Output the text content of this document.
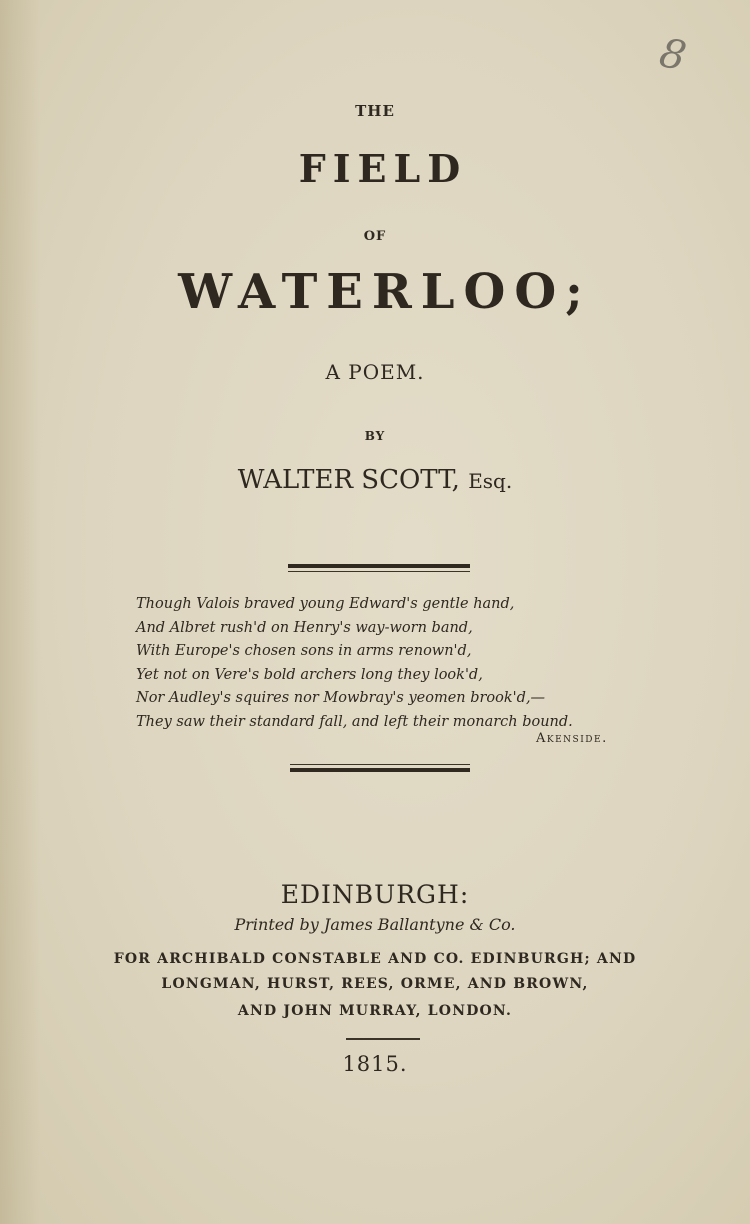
8
THE
FIELD
OF
WATERLOO;
A POEM.
BY
WALTER SCOTT, Esq.
Though Valois braved young Edward's gentle hand,
And Albret rush'd on Henry's way-worn band,
With Europe's chosen sons in arms renown'd,
Yet not on Vere's bold archers long they look'd,
Nor Audley's squires nor Mowbray's yeomen brook'd,—
They saw their standard fall, and left their monarch bound.
Akenside.
EDINBURGH:
Printed by James Ballantyne & Co.
FOR ARCHIBALD CONSTABLE AND CO. EDINBURGH; AND
LONGMAN, HURST, REES, ORME, AND BROWN,
AND JOHN MURRAY, LONDON.
1815.
